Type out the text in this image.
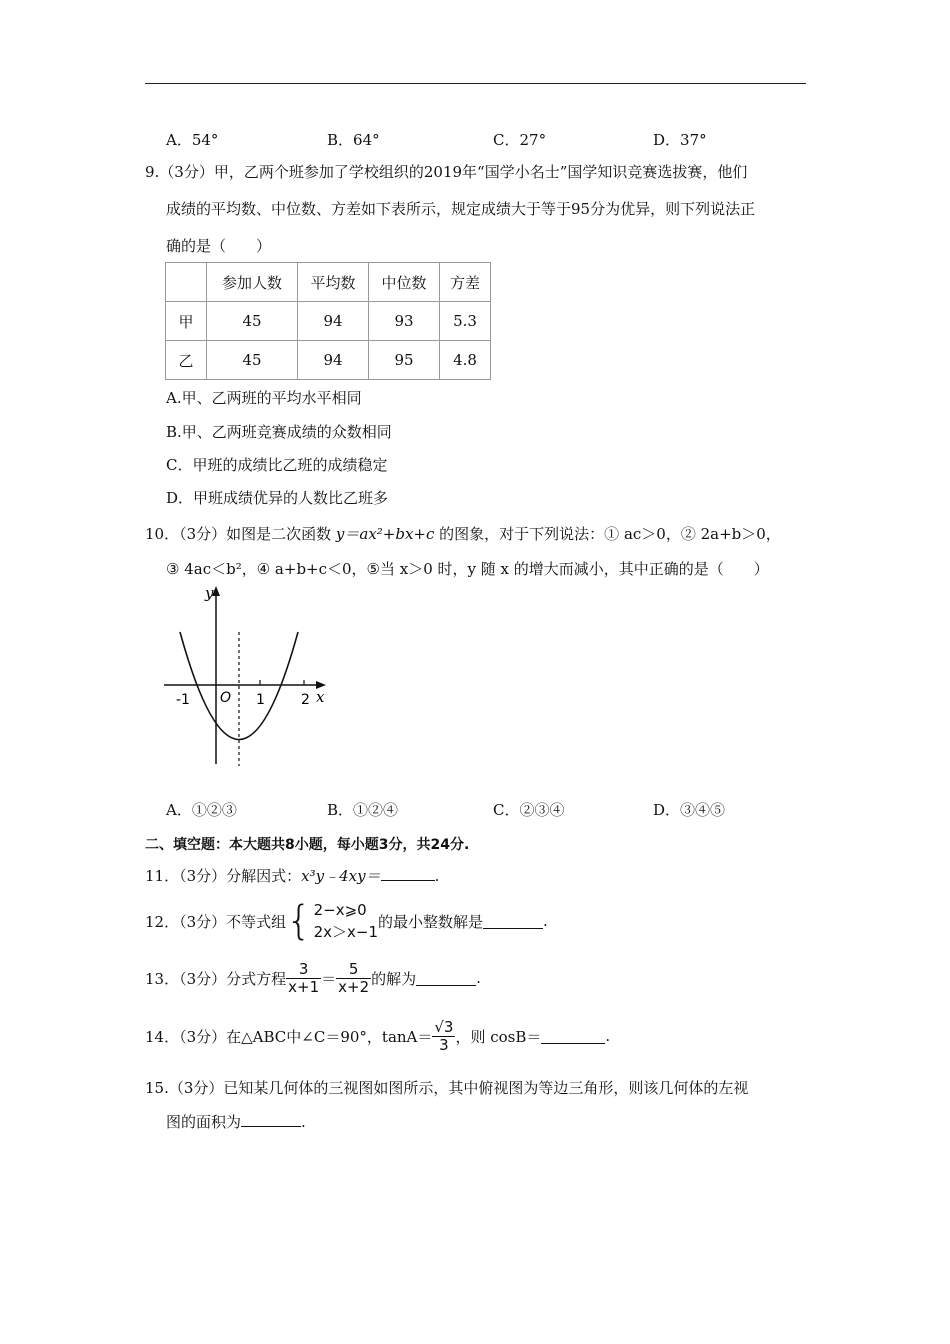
A．54°	B．64°	C．27°	D．37°
9.（3分）甲，乙两个班参加了学校组织的2019年“国学小名士”国学知识竞赛选拔赛，他们
成绩的平均数、中位数、方差如下表所示，规定成绩大于等于95分为优异，则下列说法正
确的是（　　）
	参加人数	平均数	中位数	方差
甲	45	94	93	5.3
乙	45	94	95	4.8
A.甲、乙两班的平均水平相同
B.甲、乙两班竞赛成绩的众数相同
C．甲班的成绩比乙班的成绩稳定
D．甲班成绩优异的人数比乙班多
10．（3分）如图是二次函数 y＝ax²+bx+c 的图象，对于下列说法：① ac＞0，② 2a+b＞0，
③ 4ac＜b²，④ a+b+c＜0，⑤当 x＞0 时，y 随 x 的增大而减小，其中正确的是（　　）
y
x
O
-1	1	2
A．①②③	B．①②④	C．②③④	D．③④⑤
二、填空题：本大题共8小题，每小题3分，共24分.
11．（3分）分解因式：x³y﹣4xy＝	.
12．（3分）不等式组 { 2−x⩾0
2x＞x−1
的最小整数解是	.
13．（3分）分式方程 $\frac{3}{x+1} = \frac{5}{x+2}$ 的解为	.
14．（3分）在△ABC中∠C＝90°，$\tan A= \frac{√3}{3}$ ，则 cosB＝	.
15.（3分）已知某几何体的三视图如图所示，其中俯视图为等边三角形，则该几何体的左视
图的面积为	.
